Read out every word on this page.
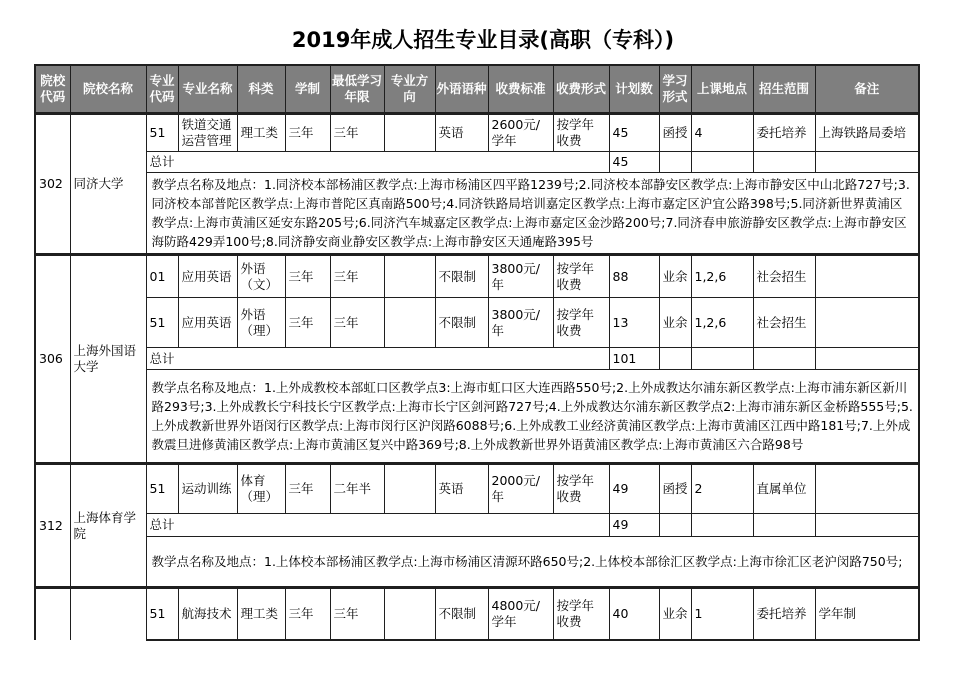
2019年成人招生专业目录(高职（专科）)
院校代码	院校名称	专业代码	专业名称	科类	学制	最低学习年限	专业方向	外语语种	收费标准	收费形式	计划数	学习形式	上课地点	招生范围	备注
302	同济大学	51	铁道交通运营管理	理工类	三年	三年		英语	2600元/学年	按学年收费	45	函授	4	委托培养	上海铁路局委培
		总计									45				
		教学点名称及地点：1.同济校本部杨浦区教学点:上海市杨浦区四平路1239号;2.同济校本部静安区教学点:上海市静安区中山北路727号;3.同济校本部普陀区教学点:上海市普陀区真南路500号;4.同济铁路局培训嘉定区教学点:上海市嘉定区沪宜公路398号;5.同济新世界黄浦区教学点:上海市黄浦区延安东路205号;6.同济汽车城嘉定区教学点:上海市嘉定区金沙路200号;7.同济春申旅游静安区教学点:上海市静安区海防路429弄100号;8.同济静安商业静安区教学点:上海市静安区天通庵路395号													
306	上海外国语大学	01	应用英语	外语（文）	三年	三年		不限制	3800元/年	按学年收费	88	业余	1,2,6	社会招生	
		51	应用英语	外语（理）	三年	三年		不限制	3800元/年	按学年收费	13	业余	1,2,6	社会招生	
		总计									101				
		教学点名称及地点：1.上外成教校本部虹口区教学点3:上海市虹口区大连西路550号;2.上外成教达尔浦东新区教学点:上海市浦东新区新川路293号;3.上外成教长宁科技长宁区教学点:上海市长宁区剑河路727号;4.上外成教达尔浦东新区教学点2:上海市浦东新区金桥路555号;5.上外成教新世界外语闵行区教学点:上海市闵行区沪闵路6088号;6.上外成教工业经济黄浦区教学点:上海市黄浦区江西中路181号;7.上外成教震旦进修黄浦区教学点:上海市黄浦区复兴中路369号;8.上外成教新世界外语黄浦区教学点:上海市黄浦区六合路98号													
312	上海体育学院	51	运动训练	体育（理）	三年	二年半		英语	2000元/年	按学年收费	49	函授	2	直属单位	
		总计									49				
		教学点名称及地点：1.上体校本部杨浦区教学点:上海市杨浦区清源环路650号;2.上体校本部徐汇区教学点:上海市徐汇区老沪闵路750号;													
		51	航海技术	理工类	三年	三年		不限制	4800元/学年	按学年收费	40	业余	1	委托培养	学年制
